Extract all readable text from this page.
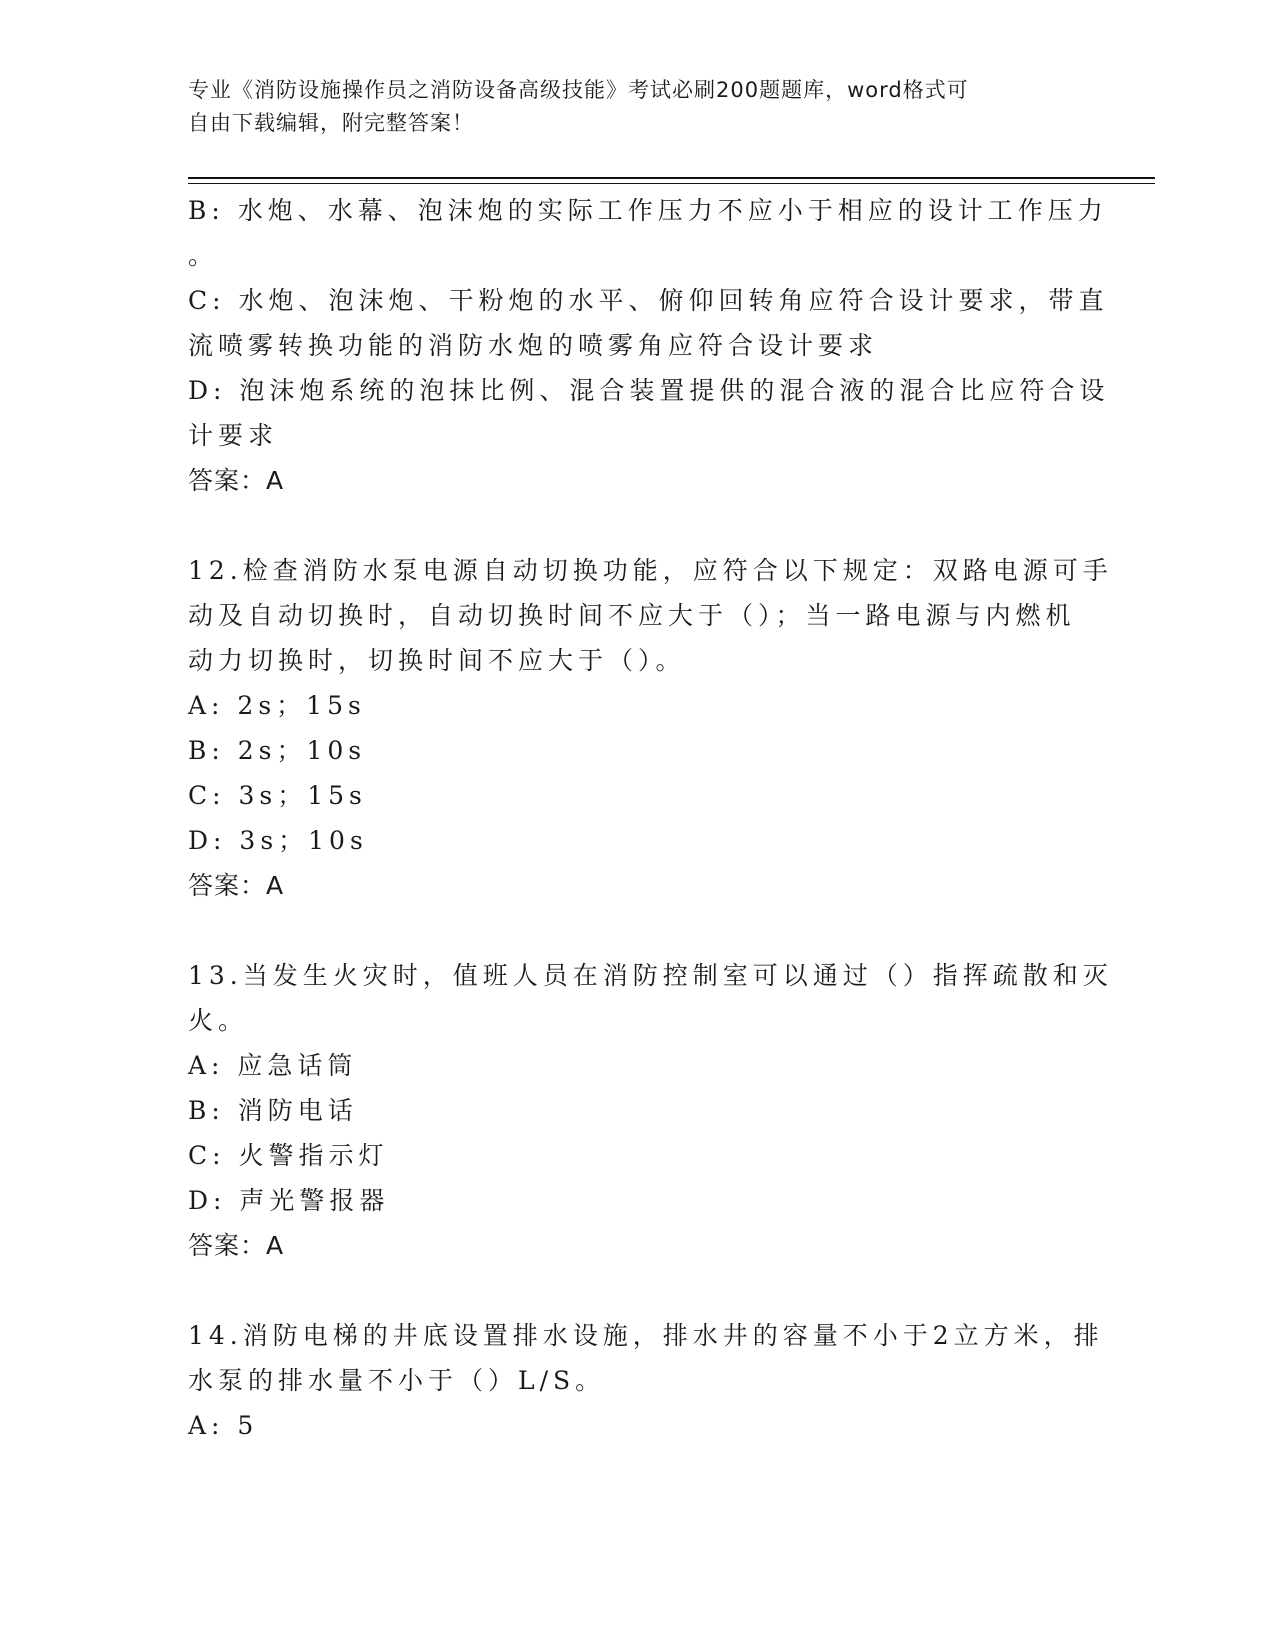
专业《消防设施操作员之消防设备高级技能》考试必刷200题题库，word格式可
自由下载编辑，附完整答案！
B: 水炮、水幕、泡沫炮的实际工作压力不应小于相应的设计工作压力
。
C: 水炮、泡沫炮、干粉炮的水平、俯仰回转角应符合设计要求，带直
流喷雾转换功能的消防水炮的喷雾角应符合设计要求
D: 泡沫炮系统的泡抹比例、混合装置提供的混合液的混合比应符合设
计要求
答案：A
12.检查消防水泵电源自动切换功能，应符合以下规定：双路电源可手
动及自动切换时，自动切换时间不应大于（）；当一路电源与内燃机
动力切换时，切换时间不应大于（）。
A: 2s；15s
B: 2s；10s
C: 3s；15s
D: 3s；10s
答案：A
13.当发生火灾时，值班人员在消防控制室可以通过（）指挥疏散和灭
火。
A: 应急话筒
B: 消防电话
C: 火警指示灯
D: 声光警报器
答案：A
14.消防电梯的井底设置排水设施，排水井的容量不小于2立方米，排
水泵的排水量不小于（）L/S。
A: 5
